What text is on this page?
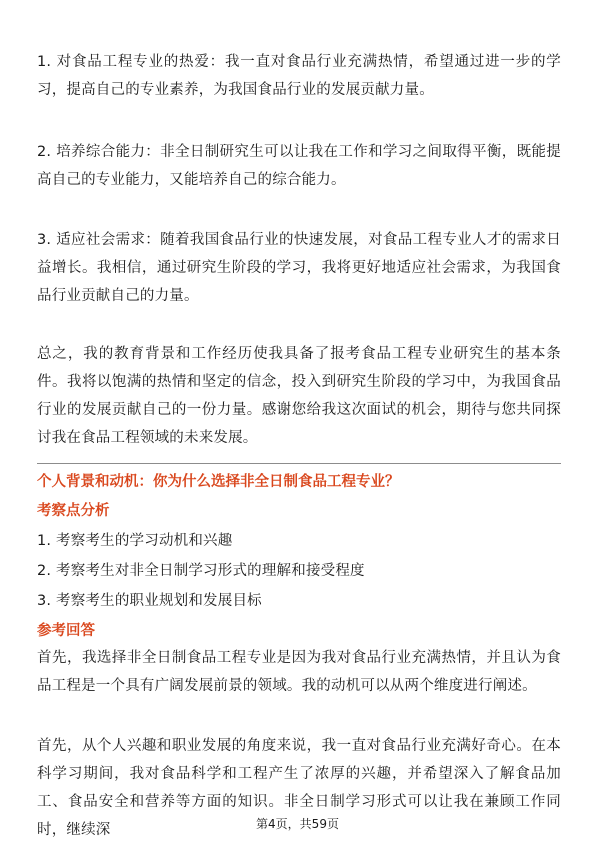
1. 对食品工程专业的热爱：我一直对食品行业充满热情，希望通过进一步的学习，提高自己的专业素养，为我国食品行业的发展贡献力量。

2. 培养综合能力：非全日制研究生可以让我在工作和学习之间取得平衡，既能提高自己的专业能力，又能培养自己的综合能力。

3. 适应社会需求：随着我国食品行业的快速发展，对食品工程专业人才的需求日益增长。我相信，通过研究生阶段的学习，我将更好地适应社会需求，为我国食品行业贡献自己的力量。

总之，我的教育背景和工作经历使我具备了报考食品工程专业研究生的基本条件。我将以饱满的热情和坚定的信念，投入到研究生阶段的学习中，为我国食品行业的发展贡献自己的一份力量。感谢您给我这次面试的机会，期待与您共同探讨我在食品工程领域的未来发展。

个人背景和动机：你为什么选择非全日制食品工程专业？
考察点分析
1. 考察考生的学习动机和兴趣
2. 考察考生对非全日制学习形式的理解和接受程度
3. 考察考生的职业规划和发展目标
参考回答

首先，我选择非全日制食品工程专业是因为我对食品行业充满热情，并且认为食品工程是一个具有广阔发展前景的领域。我的动机可以从两个维度进行阐述。

首先，从个人兴趣和职业发展的角度来说，我一直对食品行业充满好奇心。在本科学习期间，我对食品科学和工程产生了浓厚的兴趣，并希望深入了解食品加工、食品安全和营养等方面的知识。非全日制学习形式可以让我在兼顾工作同时，继续深	第4页，共59页
